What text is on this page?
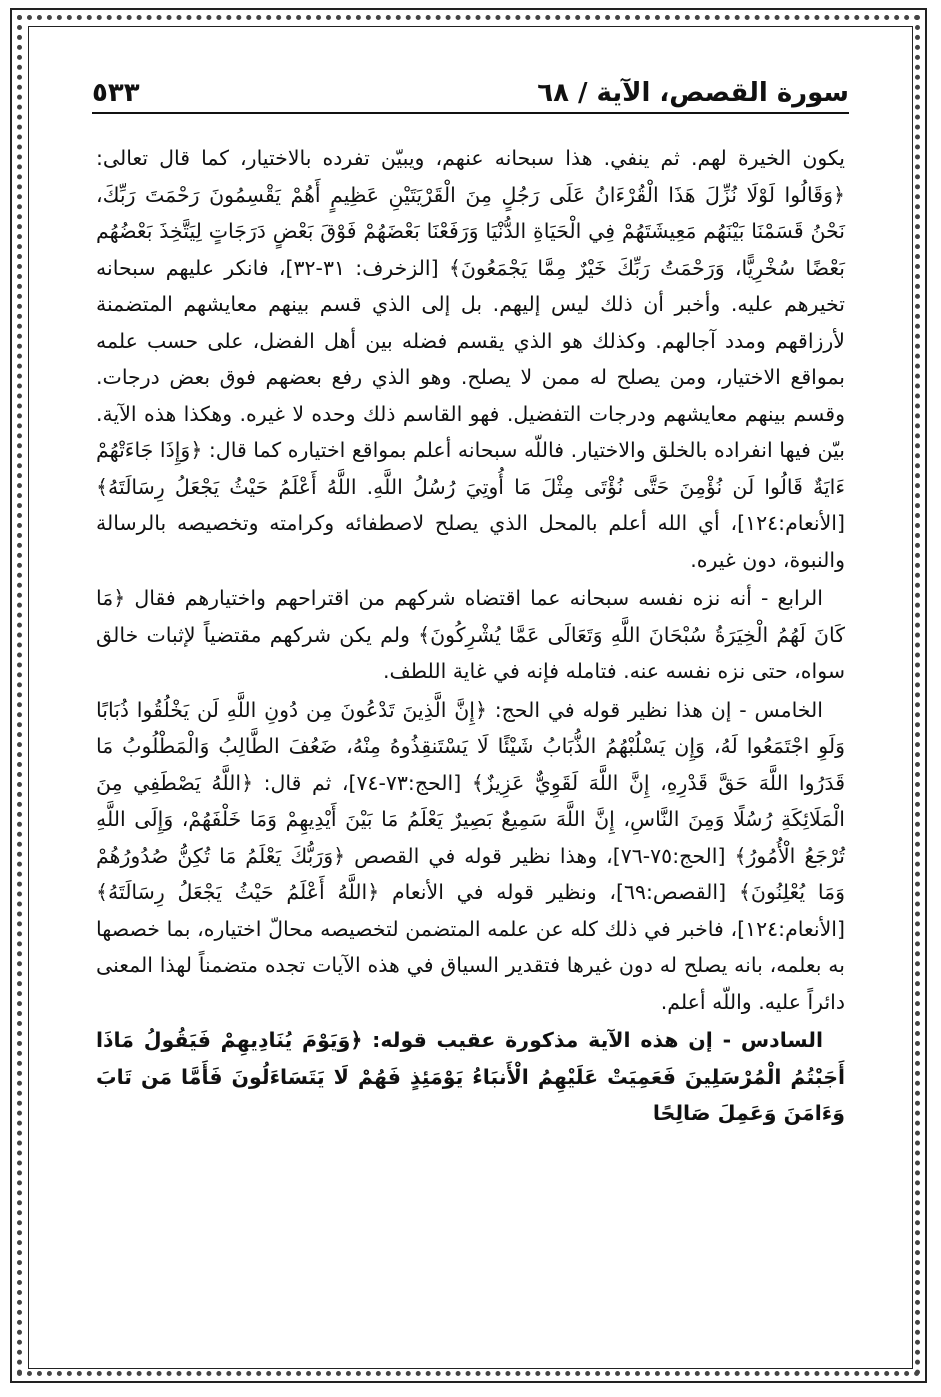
سورة القصص، الآية / ٦٨
٥٣٣

يكون الخيرة لهم. ثم ينفي. هذا سبحانه عنهم، ويبيّن تفرده بالاختيار، كما قال تعالى: ﴿وَقَالُوا لَوْلَا نُزِّلَ هَذَا الْقُرْءَانُ عَلَى رَجُلٍ مِنَ الْقَرْيَتَيْنِ عَظِيمٍ أَهُمْ يَقْسِمُونَ رَحْمَتَ رَبِّكَ، نَحْنُ قَسَمْنَا بَيْنَهُم مَعِيشَتَهُمْ فِي الْحَيَاةِ الدُّنْيَا وَرَفَعْنَا بَعْضَهُمْ فَوْقَ بَعْضٍ دَرَجَاتٍ لِيَتَّخِذَ بَعْضُهُم بَعْضًا سُخْرِيًّا، وَرَحْمَتُ رَبِّكَ خَيْرٌ مِمَّا يَجْمَعُونَ﴾ [الزخرف: ٣١-٣٢]، فانكر عليهم سبحانه تخيرهم عليه. وأخبر أن ذلك ليس إليهم. بل إلى الذي قسم بينهم معايشهم المتضمنة لأرزاقهم ومدد آجالهم. وكذلك هو الذي يقسم فضله بين أهل الفضل، على حسب علمه بمواقع الاختيار، ومن يصلح له ممن لا يصلح. وهو الذي رفع بعضهم فوق بعض درجات. وقسم بينهم معايشهم ودرجات التفضيل. فهو القاسم ذلك وحده لا غيره. وهكذا هذه الآية. بيّن فيها انفراده بالخلق والاختيار. فاللّه سبحانه أعلم بمواقع اختياره كما قال: ﴿وَإِذَا جَاءَتْهُمْ ءَايَةٌ قَالُوا لَن نُؤْمِنَ حَتَّى نُؤْتَى مِثْلَ مَا أُوتِيَ رُسُلُ اللَّهِ. اللَّهُ أَعْلَمُ حَيْثُ يَجْعَلُ رِسَالَتَهُ﴾ [الأنعام:١٢٤]، أي الله أعلم بالمحل الذي يصلح لاصطفائه وكرامته وتخصيصه بالرسالة والنبوة، دون غيره.

الرابع - أنه نزه نفسه سبحانه عما اقتضاه شركهم من اقتراحهم واختيارهم فقال ﴿مَا كَانَ لَهُمُ الْخِيَرَةُ سُبْحَانَ اللَّهِ وَتَعَالَى عَمَّا يُشْرِكُونَ﴾ ولم يكن شركهم مقتضياً لإثبات خالق سواه، حتى نزه نفسه عنه. فتامله فإنه في غاية اللطف.

الخامس - إن هذا نظير قوله في الحج: ﴿إِنَّ الَّذِينَ تَدْعُونَ مِن دُونِ اللَّهِ لَن يَخْلُقُوا ذُبَابًا وَلَوِ اجْتَمَعُوا لَهُ، وَإِن يَسْلُبْهُمُ الذُّبَابُ شَيْئًا لَا يَسْتَنقِذُوهُ مِنْهُ، ضَعُفَ الطَّالِبُ وَالْمَطْلُوبُ مَا قَدَرُوا اللَّهَ حَقَّ قَدْرِهِ، إِنَّ اللَّهَ لَقَوِيٌّ عَزِيزٌ﴾ [الحج:٧٣-٧٤]، ثم قال: ﴿اللَّهُ يَصْطَفِي مِنَ الْمَلَائِكَةِ رُسُلًا وَمِنَ النَّاسِ، إِنَّ اللَّهَ سَمِيعٌ بَصِيرٌ يَعْلَمُ مَا بَيْنَ أَيْدِيهِمْ وَمَا خَلْفَهُمْ، وَإِلَى اللَّهِ تُرْجَعُ الْأُمُورُ﴾ [الحج:٧٥-٧٦]، وهذا نظير قوله في القصص ﴿وَرَبُّكَ يَعْلَمُ مَا تُكِنُّ صُدُورُهُمْ وَمَا يُعْلِنُونَ﴾ [القصص:٦٩]، ونظير قوله في الأنعام ﴿اللَّهُ أَعْلَمُ حَيْثُ يَجْعَلُ رِسَالَتَهُ﴾ [الأنعام:١٢٤]، فاخبر في ذلك كله عن علمه المتضمن لتخصيصه محالّ اختياره، بما خصصها به بعلمه، بانه يصلح له دون غيرها فتقدير السياق في هذه الآيات تجده متضمناً لهذا المعنى دائراً عليه. واللّه أعلم.

السادس - إن هذه الآية مذكورة عقيب قوله: ﴿وَيَوْمَ يُنَادِيهِمْ فَيَقُولُ مَاذَا أَجَبْتُمُ الْمُرْسَلِينَ فَعَمِيَتْ عَلَيْهِمُ الْأَنبَاءُ يَوْمَئِذٍ فَهُمْ لَا يَتَسَاءَلُونَ فَأَمَّا مَن تَابَ وَءَامَنَ وَعَمِلَ صَالِحًا
